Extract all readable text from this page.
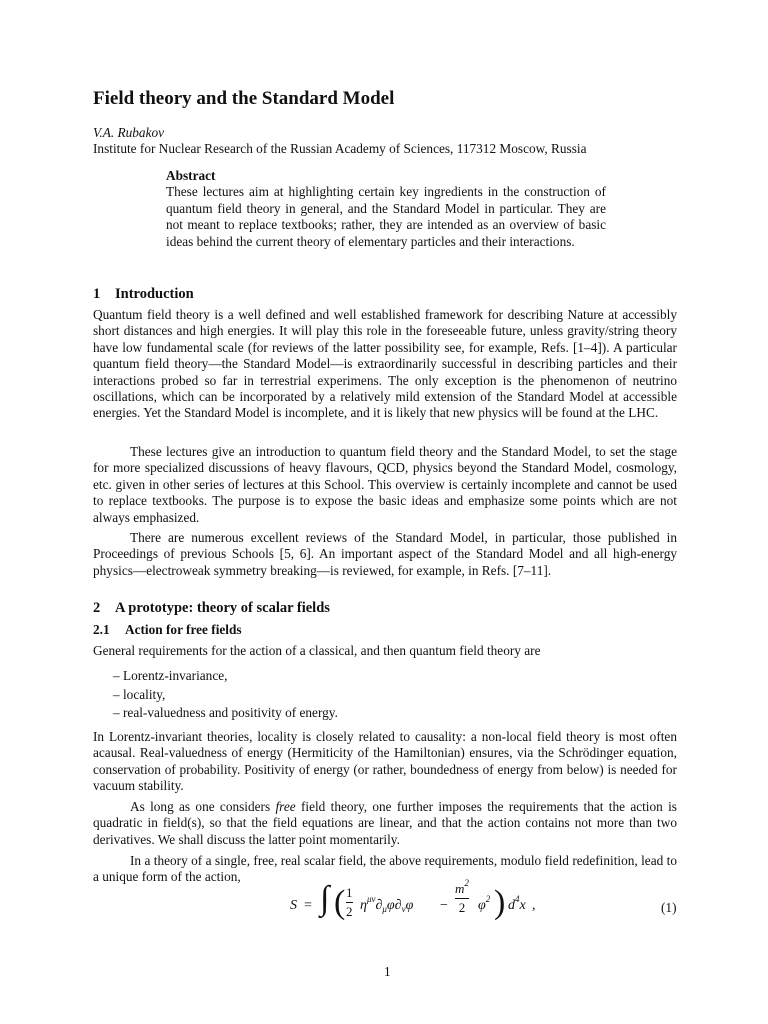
Field theory and the Standard Model
V.A. Rubakov
Institute for Nuclear Research of the Russian Academy of Sciences, 117312 Moscow, Russia
Abstract

These lectures aim at highlighting certain key ingredients in the construction of quantum field theory in general, and the Standard Model in particular. They are not meant to replace textbooks; rather, they are intended as an overview of basic ideas behind the current theory of elementary particles and their interactions.

1 Introduction

Quantum field theory is a well defined and well established framework for describing Nature at accessibly short distances and high energies. It will play this role in the foreseeable future, unless gravity/string theory have low fundamental scale (for reviews of the latter possibility see, for example, Refs. [1–4]). A particular quantum field theory—the Standard Model—is extraordinarily successful in describing particles and their interactions probed so far in terrestrial experimens. The only exception is the phenomenon of neutrino oscillations, which can be incorporated by a relatively mild extension of the Standard Model at accessible energies. Yet the Standard Model is incomplete, and it is likely that new physics will be found at the LHC.

These lectures give an introduction to quantum field theory and the Standard Model, to set the stage for more specialized discussions of heavy flavours, QCD, physics beyond the Standard Model, cosmology, etc. given in other series of lectures at this School. This overview is certainly incomplete and cannot be used to replace textbooks. The purpose is to expose the basic ideas and emphasize some points which are not always emphasized.

There are numerous excellent reviews of the Standard Model, in particular, those published in Proceedings of previous Schools [5, 6]. An important aspect of the Standard Model and all high-energy physics—electroweak symmetry breaking—is reviewed, for example, in Refs. [7–11].

2 A prototype: theory of scalar fields
2.1 Action for free fields

General requirements for the action of a classical, and then quantum field theory are

– Lorentz-invariance,
– locality,
– real-valuedness and positivity of energy.

In Lorentz-invariant theories, locality is closely related to causality: a non-local field theory is most often acausal. Real-valuedness of energy (Hermiticity of the Hamiltonian) ensures, via the Schrödinger equation, conservation of probability. Positivity of energy (or rather, boundedness of energy from below) is needed for vacuum stability.

As long as one considers free field theory, one further imposes the requirements that the action is quadratic in field(s), so that the field equations are linear, and that the action contains not more than two derivatives. We shall discuss the latter point momentarily.

In a theory of a single, free, real scalar field, the above requirements, modulo field redefinition, lead to a unique form of the action,

S = ∫ ( 1
2 $\eta^{\mu\nu}\partial_\mu\varphi\partial_\nu\varphi$ −
$m^2$
2 $\varphi^2$ ) $d^4x$ ,	(1)
1
